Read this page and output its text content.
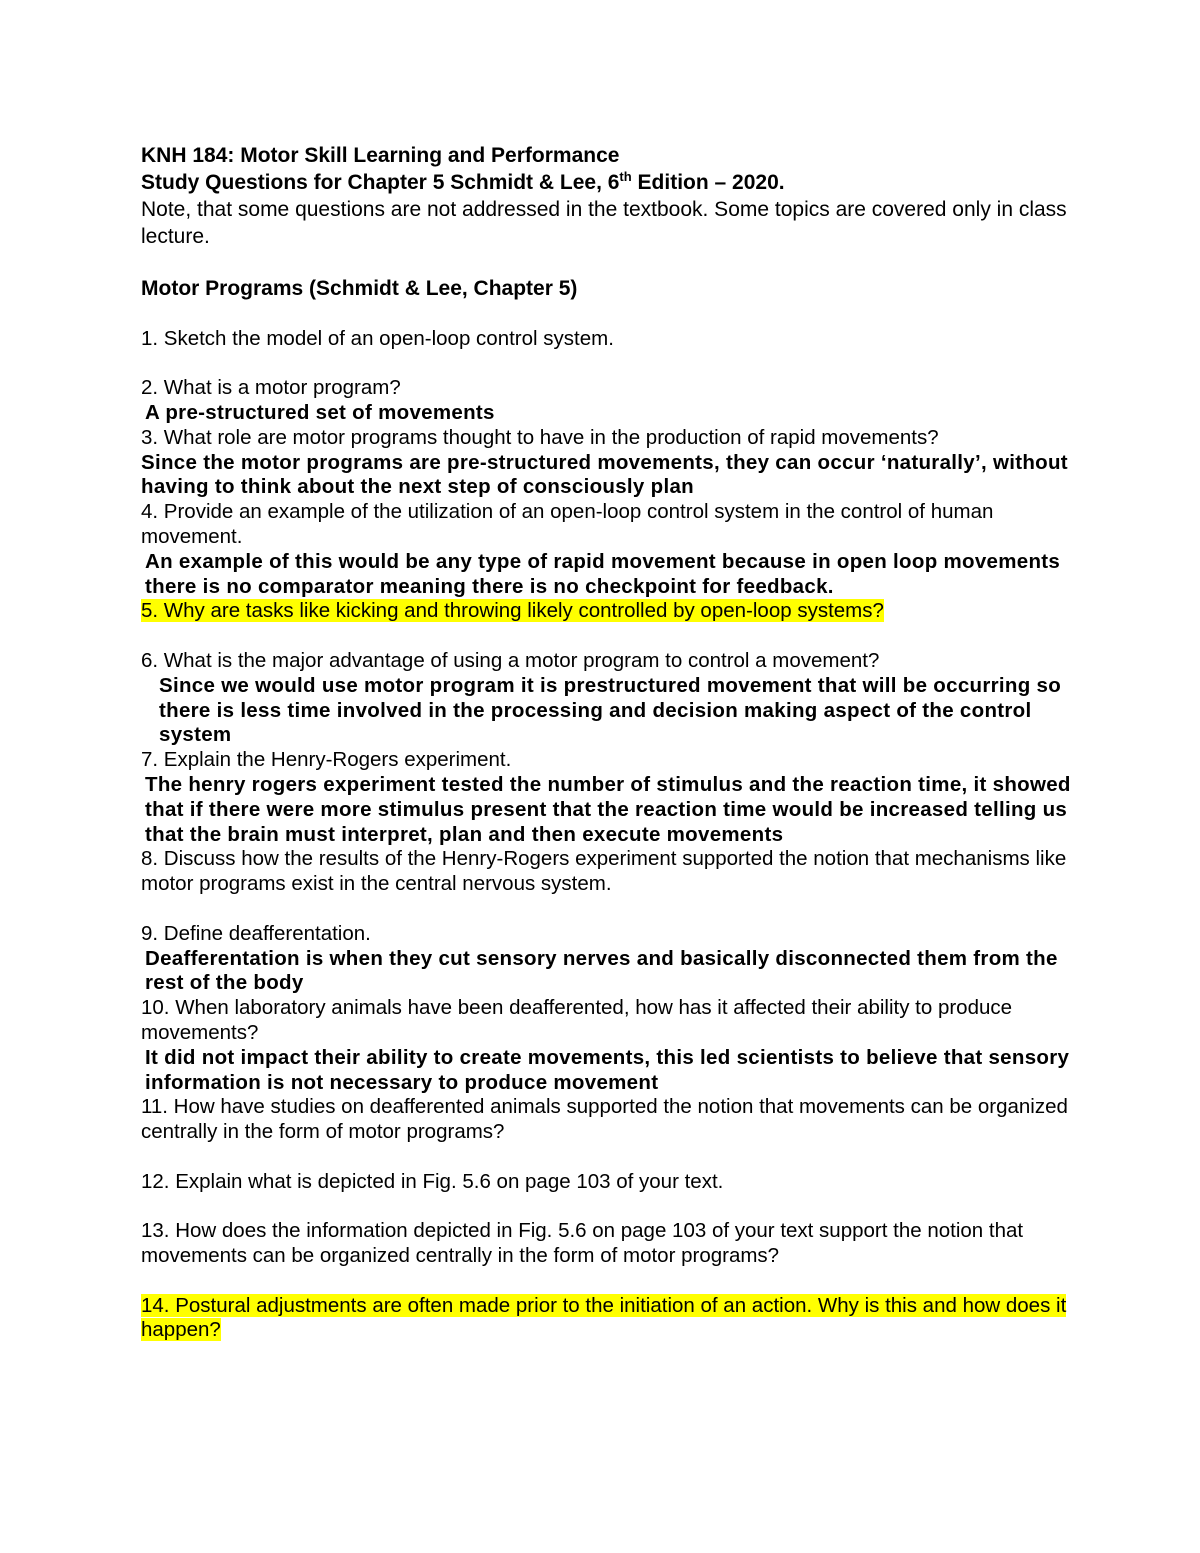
KNH 184: Motor Skill Learning and Performance
Study Questions for Chapter 5 Schmidt & Lee, 6th Edition – 2020.
Note, that some questions are not addressed in the textbook. Some topics are covered only in class lecture.
Motor Programs (Schmidt & Lee, Chapter 5)

1. Sketch the model of an open-loop control system.

2. What is a motor program?

A pre-structured set of movements

3. What role are motor programs thought to have in the production of rapid movements?

Since the motor programs are pre-structured movements, they can occur ‘naturally’, without having to think about the next step of consciously plan

4. Provide an example of the utilization of an open-loop control system in the control of human movement.

An example of this would be any type of rapid movement because in open loop movements there is no comparator meaning there is no checkpoint for feedback.

5. Why are tasks like kicking and throwing likely controlled by open-loop systems?

6. What is the major advantage of using a motor program to control a movement?

Since we would use motor program it is prestructured movement that will be occurring so there is less time involved in the processing and decision making aspect of the control system

7. Explain the Henry-Rogers experiment.

The henry rogers experiment tested the number of stimulus and the reaction time, it showed that if there were more stimulus present that the reaction time would be increased telling us that the brain must interpret, plan and then execute movements

8. Discuss how the results of the Henry-Rogers experiment supported the notion that mechanisms like motor programs exist in the central nervous system.

9. Define deafferentation.

Deafferentation is when they cut sensory nerves and basically disconnected them from the rest of the body

10. When laboratory animals have been deafferented, how has it affected their ability to produce movements?

It did not impact their ability to create movements, this led scientists to believe that sensory information is not necessary to produce movement

11. How have studies on deafferented animals supported the notion that movements can be organized centrally in the form of motor programs?

12. Explain what is depicted in Fig. 5.6 on page 103 of your text.

13. How does the information depicted in Fig. 5.6 on page 103 of your text support the notion that movements can be organized centrally in the form of motor programs?

14. Postural adjustments are often made prior to the initiation of an action. Why is this and how does it happen?
